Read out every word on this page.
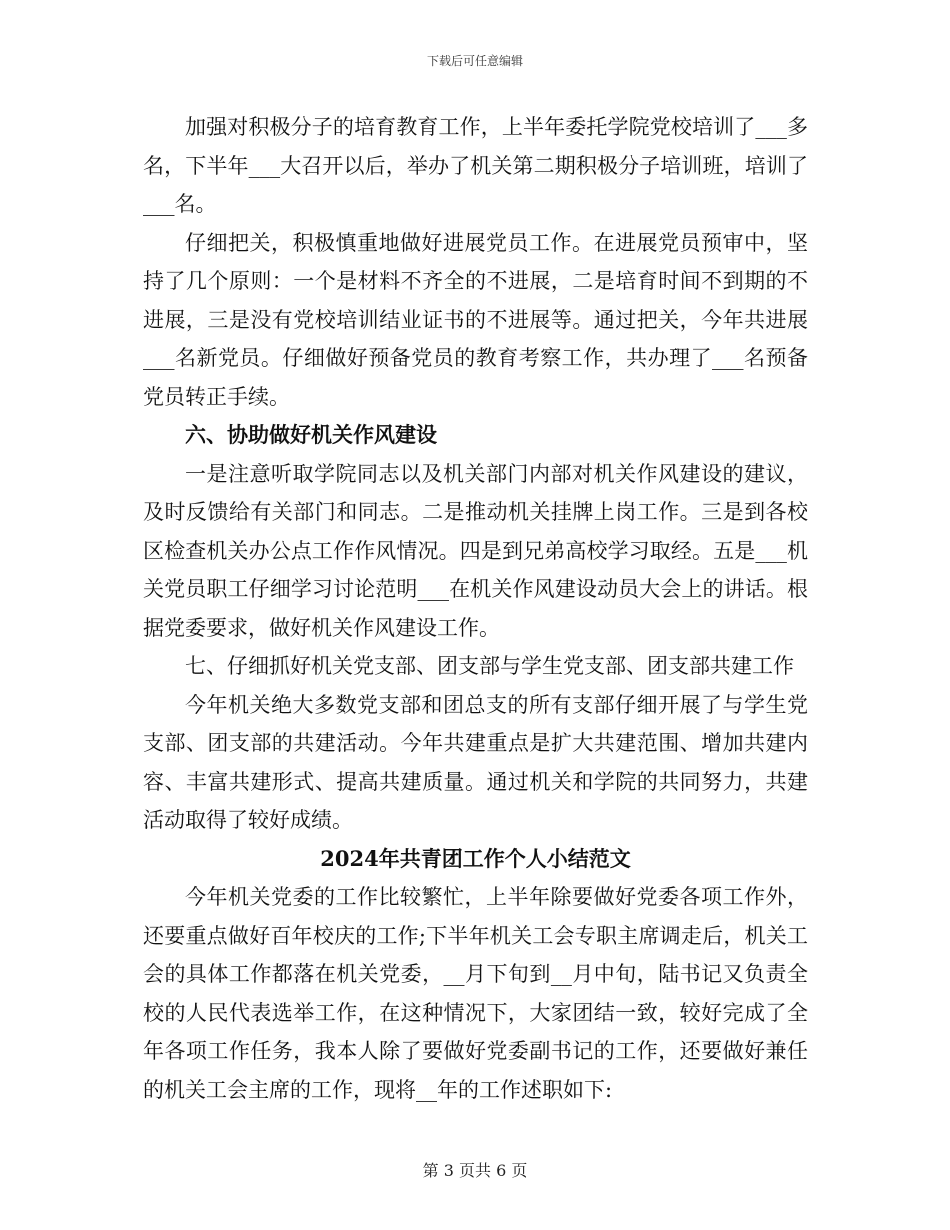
下载后可任意编辑

加强对积极分子的培育教育工作，上半年委托学院党校培训了___多名，下半年___大召开以后，举办了机关第二期积极分子培训班，培训了___名。

仔细把关，积极慎重地做好进展党员工作。在进展党员预审中，坚持了几个原则：一个是材料不齐全的不进展，二是培育时间不到期的不进展，三是没有党校培训结业证书的不进展等。通过把关，今年共进展___名新党员。仔细做好预备党员的教育考察工作，共办理了___名预备党员转正手续。

六、协助做好机关作风建设

一是注意听取学院同志以及机关部门内部对机关作风建设的建议，及时反馈给有关部门和同志。二是推动机关挂牌上岗工作。三是到各校区检查机关办公点工作作风情况。四是到兄弟高校学习取经。五是___机关党员职工仔细学习讨论范明___在机关作风建设动员大会上的讲话。根据党委要求，做好机关作风建设工作。

七、仔细抓好机关党支部、团支部与学生党支部、团支部共建工作

今年机关绝大多数党支部和团总支的所有支部仔细开展了与学生党支部、团支部的共建活动。今年共建重点是扩大共建范围、增加共建内容、丰富共建形式、提高共建质量。通过机关和学院的共同努力，共建活动取得了较好成绩。

2024年共青团工作个人小结范文

今年机关党委的工作比较繁忙，上半年除要做好党委各项工作外，还要重点做好百年校庆的工作;下半年机关工会专职主席调走后，机关工会的具体工作都落在机关党委，__月下旬到__月中旬，陆书记又负责全校的人民代表选举工作，在这种情况下，大家团结一致，较好完成了全年各项工作任务，我本人除了要做好党委副书记的工作，还要做好兼任的机关工会主席的工作，现将__年的工作述职如下:

第 3 页共 6 页
